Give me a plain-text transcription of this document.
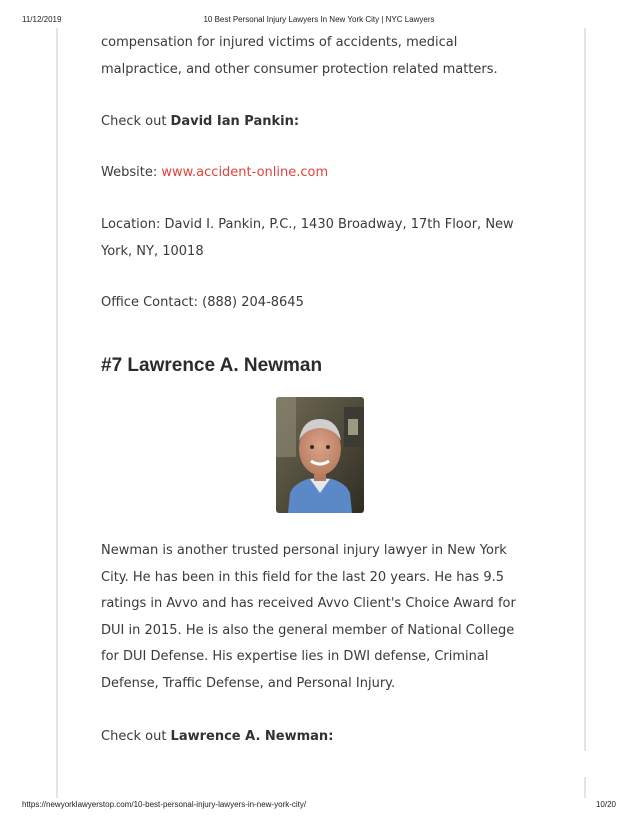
11/12/2019	10 Best Personal Injury Lawyers In New York City | NYC Lawyers

compensation for injured victims of accidents, medical

malpractice, and other consumer protection related matters.

Check out David Ian Pankin:

Website: www.accident-online.com

Location: David I. Pankin, P.C., 1430 Broadway, 17th Floor, New

York, NY, 10018

Office Contact: (888) 204-8645

#7 Lawrence A. Newman

Newman is another trusted personal injury lawyer in New York

City. He has been in this field for the last 20 years. He has 9.5

ratings in Avvo and has received Avvo Client's Choice Award for

DUI in 2015. He is also the general member of National College

for DUI Defense. His expertise lies in DWI defense, Criminal

Defense, Traffic Defense, and Personal Injury.

Check out Lawrence A. Newman:

https://newyorklawyerstop.com/10-best-personal-injury-lawyers-in-new-york-city/	10/20
